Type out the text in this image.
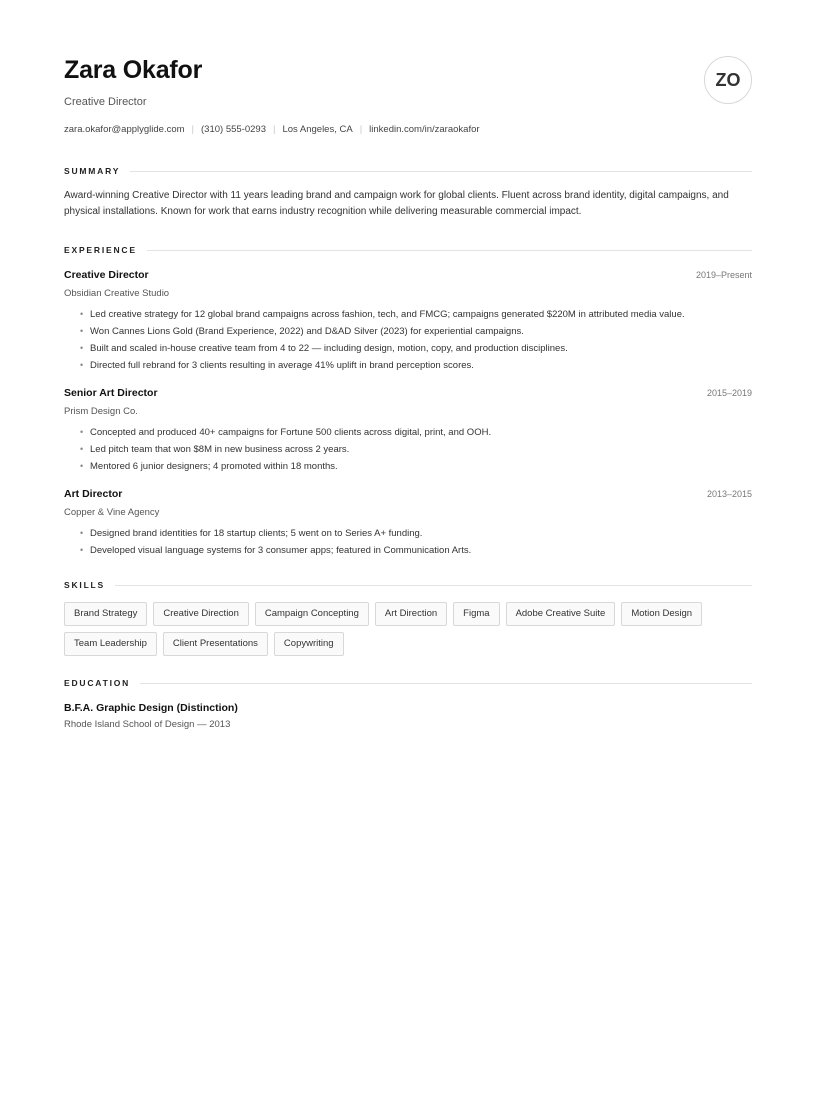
Zara Okafor
Creative Director
zara.okafor@applyglide.com | (310) 555-0293 | Los Angeles, CA | linkedin.com/in/zaraokafor
ZO
SUMMARY
Award-winning Creative Director with 11 years leading brand and campaign work for global clients. Fluent across brand identity, digital campaigns, and physical installations. Known for work that earns industry recognition while delivering measurable commercial impact.
EXPERIENCE
Creative Director	2019–Present
Obsidian Creative Studio
• Led creative strategy for 12 global brand campaigns across fashion, tech, and FMCG; campaigns generated $220M in attributed media value.
• Won Cannes Lions Gold (Brand Experience, 2022) and D&AD Silver (2023) for experiential campaigns.
• Built and scaled in-house creative team from 4 to 22 — including design, motion, copy, and production disciplines.
• Directed full rebrand for 3 clients resulting in average 41% uplift in brand perception scores.
Senior Art Director	2015–2019
Prism Design Co.
• Concepted and produced 40+ campaigns for Fortune 500 clients across digital, print, and OOH.
• Led pitch team that won $8M in new business across 2 years.
• Mentored 6 junior designers; 4 promoted within 18 months.
Art Director	2013–2015
Copper & Vine Agency
• Designed brand identities for 18 startup clients; 5 went on to Series A+ funding.
• Developed visual language systems for 3 consumer apps; featured in Communication Arts.
SKILLS
Brand Strategy	Creative Direction	Campaign Concepting	Art Direction	Figma	Adobe Creative Suite	Motion Design
Team Leadership	Client Presentations	Copywriting
EDUCATION
B.F.A. Graphic Design (Distinction)
Rhode Island School of Design — 2013
